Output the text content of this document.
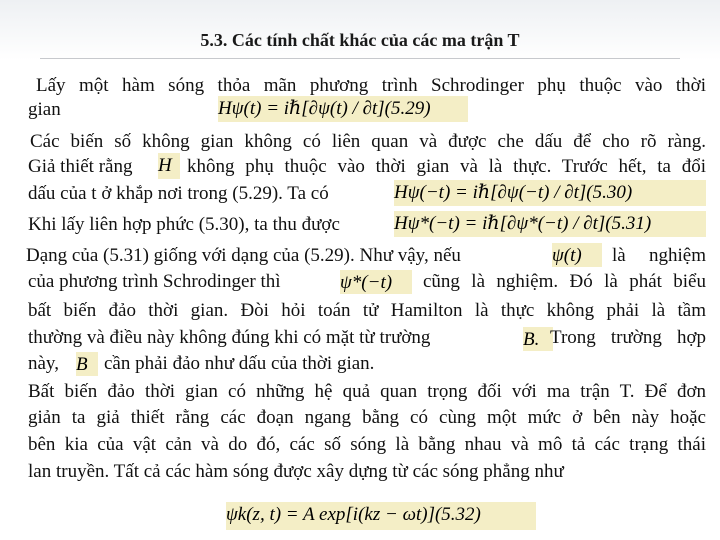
5.3. Các tính chất khác của các ma trận T
Lấy một hàm sóng thỏa mãn phương trình Schrodinger phụ thuộc vào thời
gian	Hψ(t) = iℏ[∂ψ(t) / ∂t](5.29)
Các biến số không gian không có liên quan và được che dấu để cho rõ ràng.
Giả thiết rằng H không phụ thuộc vào thời gian và là thực. Trước hết, ta đổi
dấu của t ở khắp nơi trong (5.29). Ta có	Hψ(−t) = iℏ[∂ψ(−t) / ∂t](5.30)
Khi lấy liên hợp phức (5.30), ta thu được	Hψ*(−t) = iℏ[∂ψ*(−t) / ∂t](5.31)
Dạng của (5.31) giống với dạng của (5.29). Như vậy, nếu	ψ(t)	là nghiệm
của phương trình Schrodinger thì	ψ*(−t)	cũng là nghiệm. Đó là phát biểu
bất biến đảo thời gian. Đòi hỏi toán tử Hamilton là thực không phải là tầm
thường và điều này không đúng khi có mặt từ trường	B. Trong trường hợp
này, B cần phải đảo như dấu của thời gian.
Bất biến đảo thời gian có những hệ quả quan trọng đối với ma trận T. Để đơn
giản ta giả thiết rằng các đoạn ngang bằng có cùng một mức ở bên này hoặc
bên kia của vật cản và do đó, các số sóng là bằng nhau và mô tả các trạng thái
lan truyền. Tất cả các hàm sóng được xây dựng từ các sóng phẳng như
ψk(z, t) = A exp[i(kz − ωt)](5.32)
